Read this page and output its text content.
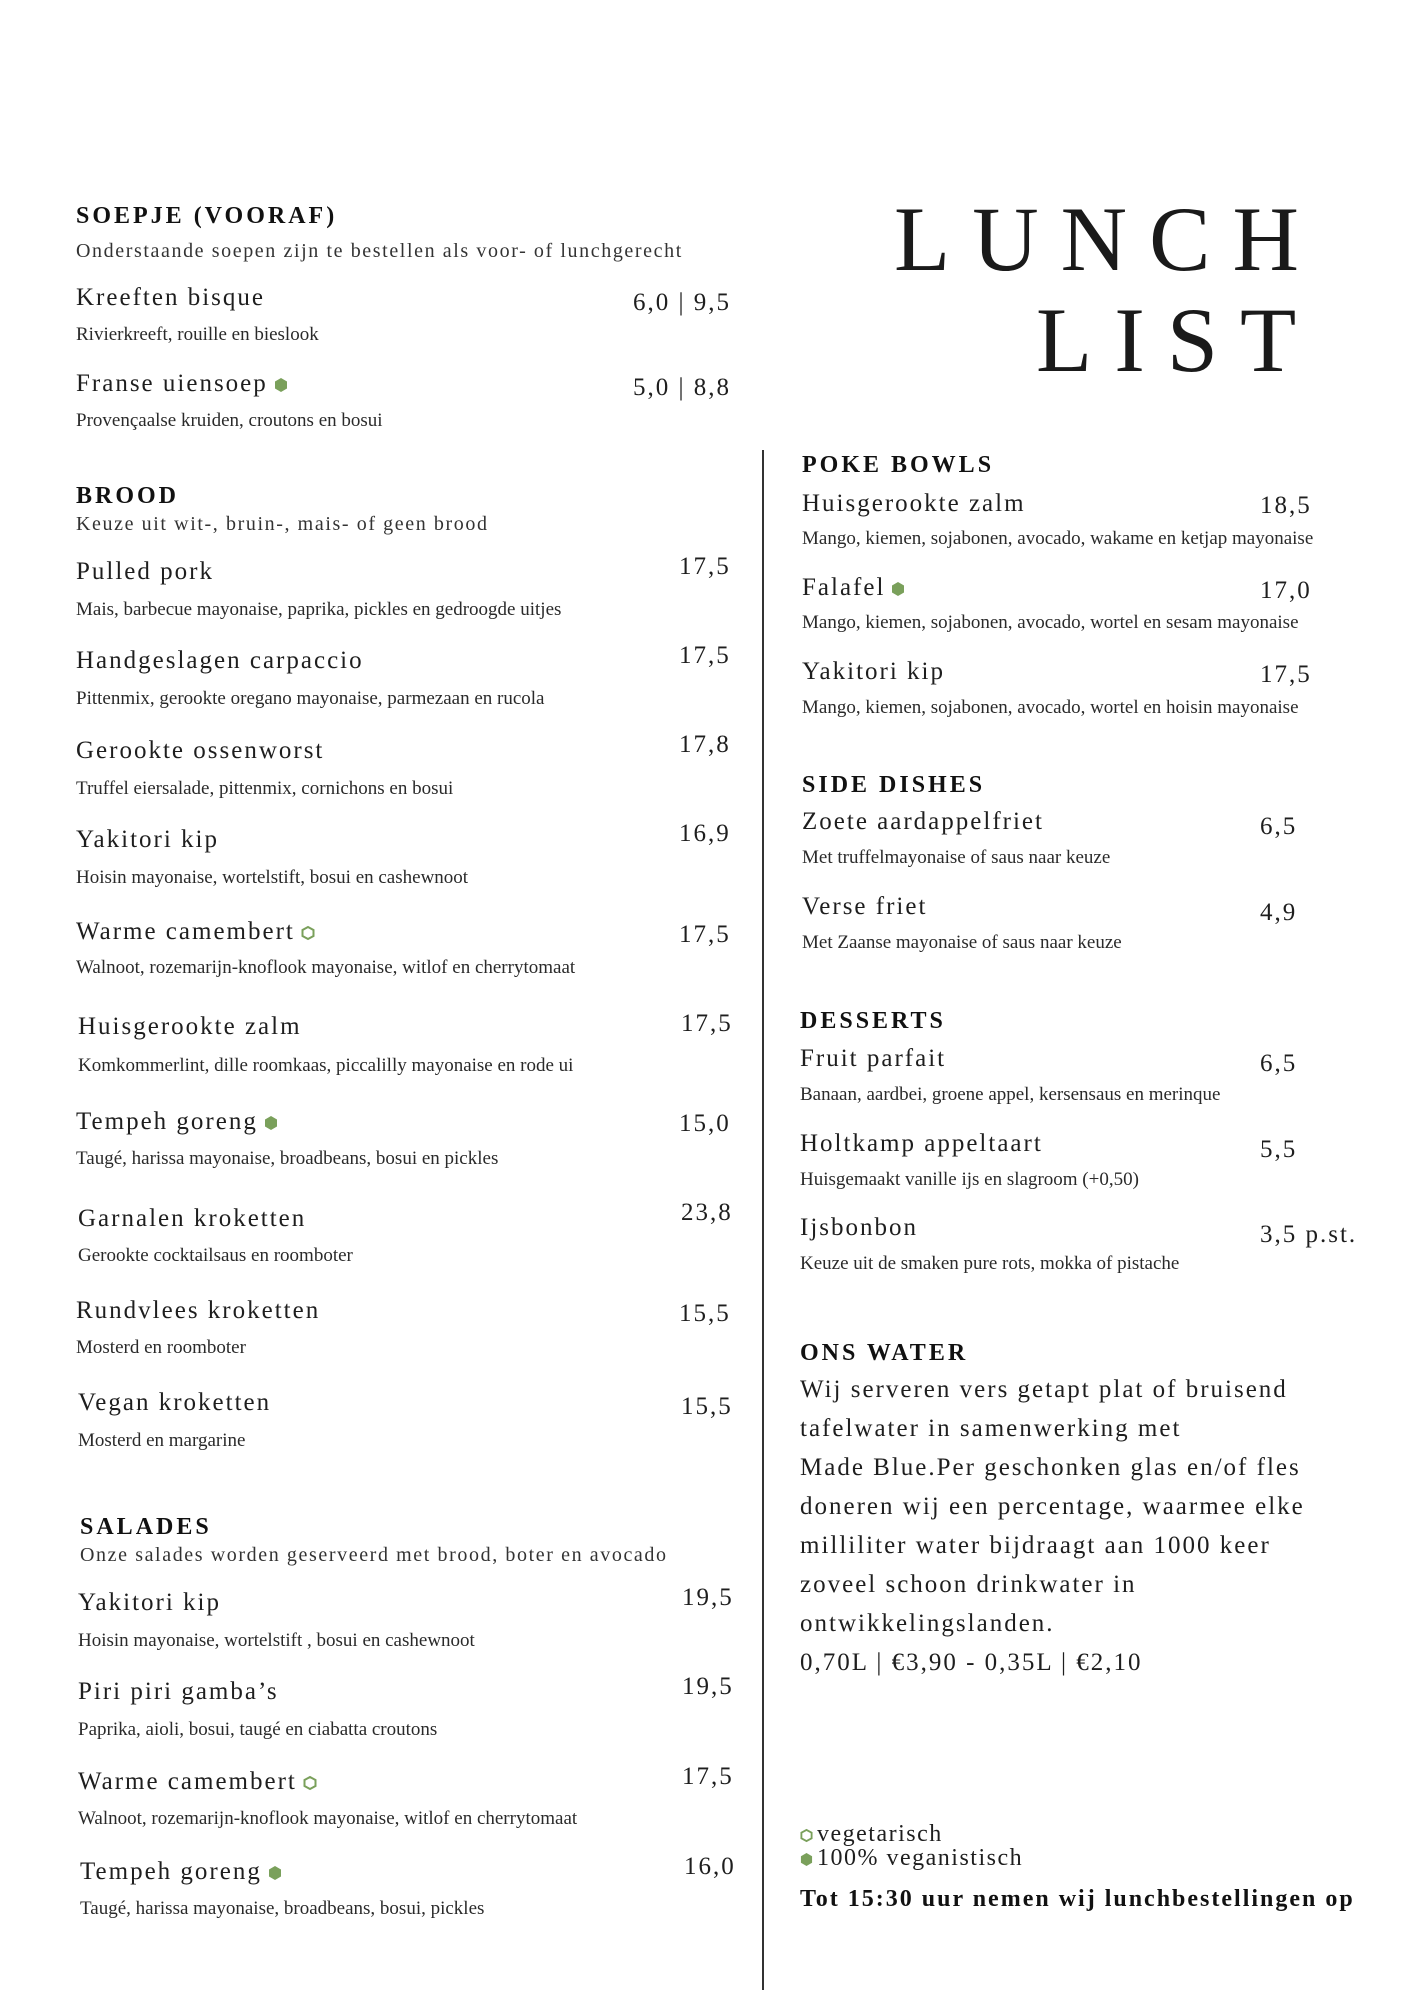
LUNCH
LIST
SOEPJE (VOORAF)
Onderstaande soepen zijn te bestellen als voor- of lunchgerecht
Kreeften bisque	6,0 | 9,5
Rivierkreeft, rouille en bieslook
Franse uiensoep	5,0 | 8,8
Provençaalse kruiden, croutons en bosui
BROOD
Keuze uit wit-, bruin-, mais- of geen brood
Pulled pork	17,5
Mais, barbecue mayonaise, paprika, pickles en gedroogde uitjes
Handgeslagen carpaccio	17,5
Pittenmix, gerookte oregano mayonaise, parmezaan en rucola
Gerookte ossenworst	17,8
Truffel eiersalade, pittenmix, cornichons en bosui
Yakitori kip	16,9
Hoisin mayonaise, wortelstift, bosui en cashewnoot
Warme camembert	17,5
Walnoot, rozemarijn-knoflook mayonaise, witlof en cherrytomaat
Huisgerookte zalm	17,5
Komkommerlint, dille roomkaas, piccalilly mayonaise en rode ui
Tempeh goreng	15,0
Taugé, harissa mayonaise, broadbeans, bosui en pickles
Garnalen kroketten	23,8
Gerookte cocktailsaus en roomboter
Rundvlees kroketten	15,5
Mosterd en roomboter
Vegan kroketten	15,5
Mosterd en margarine
SALADES
Onze salades worden geserveerd met brood, boter en avocado
Yakitori kip	19,5
Hoisin mayonaise, wortelstift , bosui en cashewnoot
Piri piri gamba’s	19,5
Paprika, aioli, bosui, taugé en ciabatta croutons
Warme camembert	17,5
Walnoot, rozemarijn-knoflook mayonaise, witlof en cherrytomaat
Tempeh goreng	16,0
Taugé, harissa mayonaise, broadbeans, bosui, pickles
POKE BOWLS
Huisgerookte zalm	18,5
Mango, kiemen, sojabonen, avocado, wakame en ketjap mayonaise
Falafel	17,0
Mango, kiemen, sojabonen, avocado, wortel en sesam mayonaise
Yakitori kip	17,5
Mango, kiemen, sojabonen, avocado, wortel en hoisin mayonaise
SIDE DISHES
Zoete aardappelfriet	6,5
Met truffelmayonaise of saus naar keuze
Verse friet	4,9
Met Zaanse mayonaise of saus naar keuze
DESSERTS
Fruit parfait	6,5
Banaan, aardbei, groene appel, kersensaus en merinque
Holtkamp appeltaart	5,5
Huisgemaakt vanille ijs en slagroom (+0,50)
Ijsbonbon	3,5 p.st.
Keuze uit de smaken pure rots, mokka of pistache
ONS WATER
Wij serveren vers getapt plat of bruisend
tafelwater in samenwerking met
Made Blue.Per geschonken glas en/of fles
doneren wij een percentage, waarmee elke
milliliter water bijdraagt aan 1000 keer
zoveel schoon drinkwater in
ontwikkelingslanden.
0,70L | €3,90 - 0,35L | €2,10
vegetarisch
100% veganistisch
Tot 15:30 uur nemen wij lunchbestellingen op
